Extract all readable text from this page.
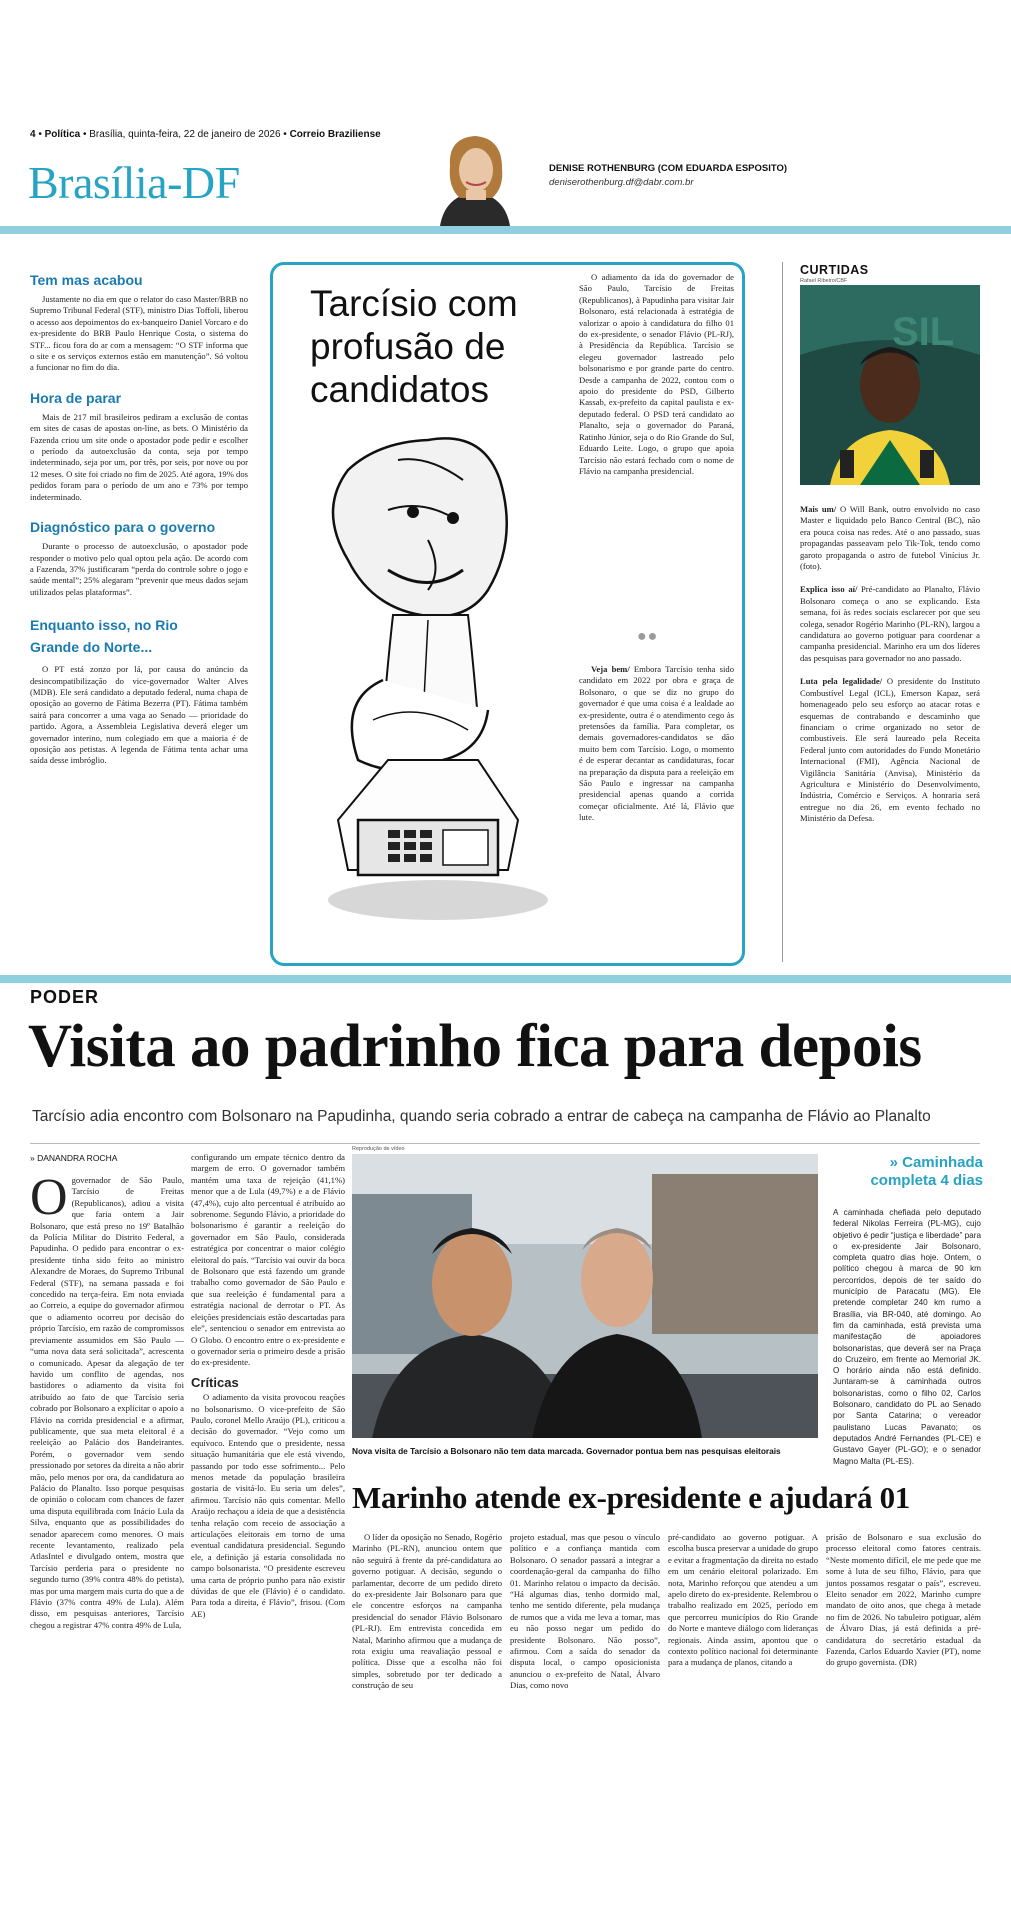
4 • Política • Brasília, quinta-feira, 22 de janeiro de 2026 • Correio Braziliense
Brasília-DF	DENISE ROTHENBURG (COM EDUARDA ESPOSITO)
deniserothenburg.df@dabr.com.br
Tem mas acabou

Justamente no dia em que o relator do caso Master/BRB no Supremo Tribunal Federal (STF), ministro Dias Toffoli, liberou o acesso aos depoimentos do ex-banqueiro Daniel Vorcaro e do ex-presidente do BRB Paulo Henrique Costa, o sistema do STF... ficou fora do ar com a mensagem: “O STF informa que o site e os serviços externos estão em manutenção”. Só voltou a funcionar no fim do dia.

Hora de parar

Mais de 217 mil brasileiros pediram a exclusão de contas em sites de casas de apostas on-line, as bets. O Ministério da Fazenda criou um site onde o apostador pode pedir e escolher o período da autoexclusão da conta, seja por tempo indeterminado, seja por um, por três, por seis, por nove ou por 12 meses. O site foi criado no fim de 2025. Até agora, 19% dos pedidos foram para o período de um ano e 73% por tempo indeterminado.

Diagnóstico para o governo

Durante o processo de autoexclusão, o apostador pode responder o motivo pelo qual optou pela ação. De acordo com a Fazenda, 37% justificaram “perda do controle sobre o jogo e saúde mental”; 25% alegaram “prevenir que meus dados sejam utilizados pelas plataformas”.

Enquanto isso, no Rio Grande do Norte...

O PT está zonzo por lá, por causa do anúncio da desincompatibilização do vice-governador Walter Alves (MDB). Ele será candidato a deputado federal, numa chapa de oposição ao governo de Fátima Bezerra (PT). Fátima também sairá para concorrer a uma vaga ao Senado — prioridade do partido. Agora, a Assembleia Legislativa deverá eleger um governador interino, num colegiado em que a maioria é de oposição aos petistas. A legenda de Fátima tenta achar uma saída desse imbróglio.

Tarcísio com profusão de candidatos

O adiamento da ida do governador de São Paulo, Tarcísio de Freitas (Republicanos), à Papudinha para visitar Jair Bolsonaro, está relacionada à estratégia de valorizar o apoio à candidatura do filho 01 do ex-presidente, o senador Flávio (PL-RJ), à Presidência da República. Tarcísio se elegeu governador lastreado pelo bolsonarismo e por grande parte do centro. Desde a campanha de 2022, contou com o apoio do presidente do PSD, Gilberto Kassab, ex-prefeito da capital paulista e ex-deputado federal. O PSD terá candidato ao Planalto, seja o governador do Paraná, Ratinho Júnior, seja o do Rio Grande do Sul, Eduardo Leite. Logo, o grupo que apoia Tarcísio não estará fechado com o nome de Flávio na campanha presidencial.

●●

Veja bem/ Embora Tarcísio tenha sido candidato em 2022 por obra e graça de Bolsonaro, o que se diz no grupo do governador é que uma coisa é a lealdade ao ex-presidente, outra é o atendimento cego às pretensões da família. Para completar, os demais governadores-candidatos se dão muito bem com Tarcísio. Logo, o momento é de esperar decantar as candidaturas, focar na preparação da disputa para a reeleição em São Paulo e ingressar na campanha presidencial apenas quando a corrida começar oficialmente. Até lá, Flávio que lute.

CURTIDAS
Rafael Ribeiro/CBF
SIL

Mais um/ O Will Bank, outro envolvido no caso Master e liquidado pelo Banco Central (BC), não era pouca coisa nas redes. Até o ano passado, suas propagandas passeavam pelo Tik-Tok, tendo como garoto propaganda o astro de futebol Vinícius Jr. (foto).

Explica isso aí/ Pré-candidato ao Planalto, Flávio Bolsonaro começa o ano se explicando. Esta semana, foi às redes sociais esclarecer por que seu colega, senador Rogério Marinho (PL-RN), largou a candidatura ao governo potiguar para coordenar a campanha presidencial. Marinho era um dos líderes das pesquisas para governador no ano passado.

Luta pela legalidade/ O presidente do Instituto Combustível Legal (ICL), Emerson Kapaz, será homenageado pelo seu esforço ao atacar rotas e esquemas de contrabando e descaminho que financiam o crime organizado no setor de combustíveis. Ele será laureado pela Receita Federal junto com autoridades do Fundo Monetário Internacional (FMI), Agência Nacional de Vigilância Sanitária (Anvisa), Ministério da Agricultura e Ministério do Desenvolvimento, Indústria, Comércio e Serviços. A honraria será entregue no dia 26, em evento fechado no Ministério da Defesa.

PODER
Visita ao padrinho fica para depois
Tarcísio adia encontro com Bolsonaro na Papudinha, quando seria cobrado a entrar de cabeça na campanha de Flávio ao Planalto
» DANANDRA ROCHA
O governador de São Paulo, Tarcísio de Freitas (Republicanos), adiou a visita que faria ontem a Jair Bolsonaro, que está preso no 19º Batalhão da Polícia Militar do Distrito Federal, a Papudinha. O pedido para encontrar o ex-presidente tinha sido feito ao ministro Alexandre de Moraes, do Supremo Tribunal Federal (STF), na semana passada e foi concedido na terça-feira. Em nota enviada ao Correio, a equipe do governador afirmou que o adiamento ocorreu por decisão do próprio Tarcísio, em razão de compromissos previamente assumidos em São Paulo — “uma nova data será solicitada”, acrescenta o comunicado. Apesar da alegação de ter havido um conflito de agendas, nos bastidores o adiamento da visita foi atribuído ao fato de que Tarcísio seria cobrado por Bolsonaro a explicitar o apoio a Flávio na corrida presidencial e a afirmar, publicamente, que sua meta eleitoral é a reeleição ao Palácio dos Bandeirantes. Porém, o governador vem sendo pressionado por setores da direita a não abrir mão, pelo menos por ora, da candidatura ao Palácio do Planalto. Isso porque pesquisas de opinião o colocam com chances de fazer uma disputa equilibrada com Inácio Lula da Silva, enquanto que as possibilidades do senador aparecem como menores. O mais recente levantamento, realizado pela AtlasIntel e divulgado ontem, mostra que Tarcísio perderia para o presidente no segundo turno (39% contra 48% do petista), mas por uma margem mais curta do que a de Flávio (37% contra 49% de Lula). Além disso, em pesquisas anteriores, Tarcísio chegou a registrar 47% contra 49% de Lula,

configurando um empate técnico dentro da margem de erro. O governador também mantém uma taxa de rejeição (41,1%) menor que a de Lula (49,7%) e a de Flávio (47,4%), cujo alto percentual é atribuído ao sobrenome. Segundo Flávio, a prioridade do bolsonarismo é garantir a reeleição do governador em São Paulo, considerada estratégica por concentrar o maior colégio eleitoral do país. “Tarcísio vai ouvir da boca de Bolsonaro que está fazendo um grande trabalho como governador de São Paulo e que sua reeleição é fundamental para a estratégia nacional de derrotar o PT. As eleições presidenciais estão descartadas para ele”, sentenciou o senador em entrevista ao O Globo. O encontro entre o ex-presidente e o governador seria o primeiro desde a prisão do ex-presidente.

Críticas

O adiamento da visita provocou reações no bolsonarismo. O vice-prefeito de São Paulo, coronel Mello Araújo (PL), criticou a decisão do governador. “Vejo como um equívoco. Entendo que o presidente, nessa situação humanitária que ele está vivendo, passando por todo esse sofrimento... Pelo menos metade da população brasileira gostaria de visitá-lo. Eu seria um deles”, afirmou. Tarcísio não quis comentar. Mello Araújo rechaçou a ideia de que a desistência tenha relação com receio de associação a articulações eleitorais em torno de uma eventual candidatura presidencial. Segundo ele, a definição já estaria consolidada no campo bolsonarista. “O presidente escreveu uma carta de próprio punho para não existir dúvidas de que ele (Flávio) é o candidato. Para toda a direita, é Flávio”, frisou. (Com AE)

Reprodução de vídeo
Nova visita de Tarcísio a Bolsonaro não tem data marcada. Governador pontua bem nas pesquisas eleitorais
» Caminhada completa 4 dias
A caminhada chefiada pelo deputado federal Nikolas Ferreira (PL-MG), cujo objetivo é pedir “justiça e liberdade” para o ex-presidente Jair Bolsonaro, completa quatro dias hoje. Ontem, o político chegou à marca de 90 km percorridos, depois de ter saído do município de Paracatu (MG). Ele pretende completar 240 km rumo a Brasília, via BR-040, até domingo. Ao fim da caminhada, está prevista uma manifestação de apoiadores bolsonaristas, que deverá ser na Praça do Cruzeiro, em frente ao Memorial JK. O horário ainda não está definido. Juntaram-se à caminhada outros bolsonaristas, como o filho 02, Carlos Bolsonaro, candidato do PL ao Senado por Santa Catarina; o vereador paulistano Lucas Pavanato; os deputados André Fernandes (PL-CE) e Gustavo Gayer (PL-GO); e o senador Magno Malta (PL-ES).
Marinho atende ex-presidente e ajudará 01

O líder da oposição no Senado, Rogério Marinho (PL-RN), anunciou ontem que não seguirá à frente da pré-candidatura ao governo potiguar. A decisão, segundo o parlamentar, decorre de um pedido direto do ex-presidente Jair Bolsonaro para que ele concentre esforços na campanha presidencial do senador Flávio Bolsonaro (PL-RJ). Em entrevista concedida em Natal, Marinho afirmou que a mudança de rota exigiu uma reavaliação pessoal e política. Disse que a escolha não foi simples, sobretudo por ter dedicado a construção de seu

projeto estadual, mas que pesou o vínculo político e a confiança mantida com Bolsonaro. O senador passará a integrar a coordenação-geral da campanha do filho 01. Marinho relatou o impacto da decisão. “Há algumas dias, tenho dormido mal, tenho me sentido diferente, pela mudança de rumos que a vida me leva a tomar, mas eu não posso negar um pedido do presidente Bolsonaro. Não posso”, afirmou. Com a saída do senador da disputa local, o campo oposicionista anunciou o ex-prefeito de Natal, Álvaro Dias, como novo

pré-candidato ao governo potiguar. A escolha busca preservar a unidade do grupo e evitar a fragmentação da direita no estado em um cenário eleitoral polarizado. Em nota, Marinho reforçou que atendeu a um apelo direto do ex-presidente. Relembrou o trabalho realizado em 2025, período em que percorreu municípios do Rio Grande do Norte e manteve diálogo com lideranças regionais. Ainda assim, apontou que o contexto político nacional foi determinante para a mudança de planos, citando a

prisão de Bolsonaro e sua exclusão do processo eleitoral como fatores centrais. “Neste momento difícil, ele me pede que me some à luta de seu filho, Flávio, para que juntos possamos resgatar o país”, escreveu. Eleito senador em 2022, Marinho cumpre mandato de oito anos, que chega à metade no fim de 2026. No tabuleiro potiguar, além de Álvaro Dias, já está definida a pré-candidatura do secretário estadual da Fazenda, Carlos Eduardo Xavier (PT), nome do grupo governista. (DR)
